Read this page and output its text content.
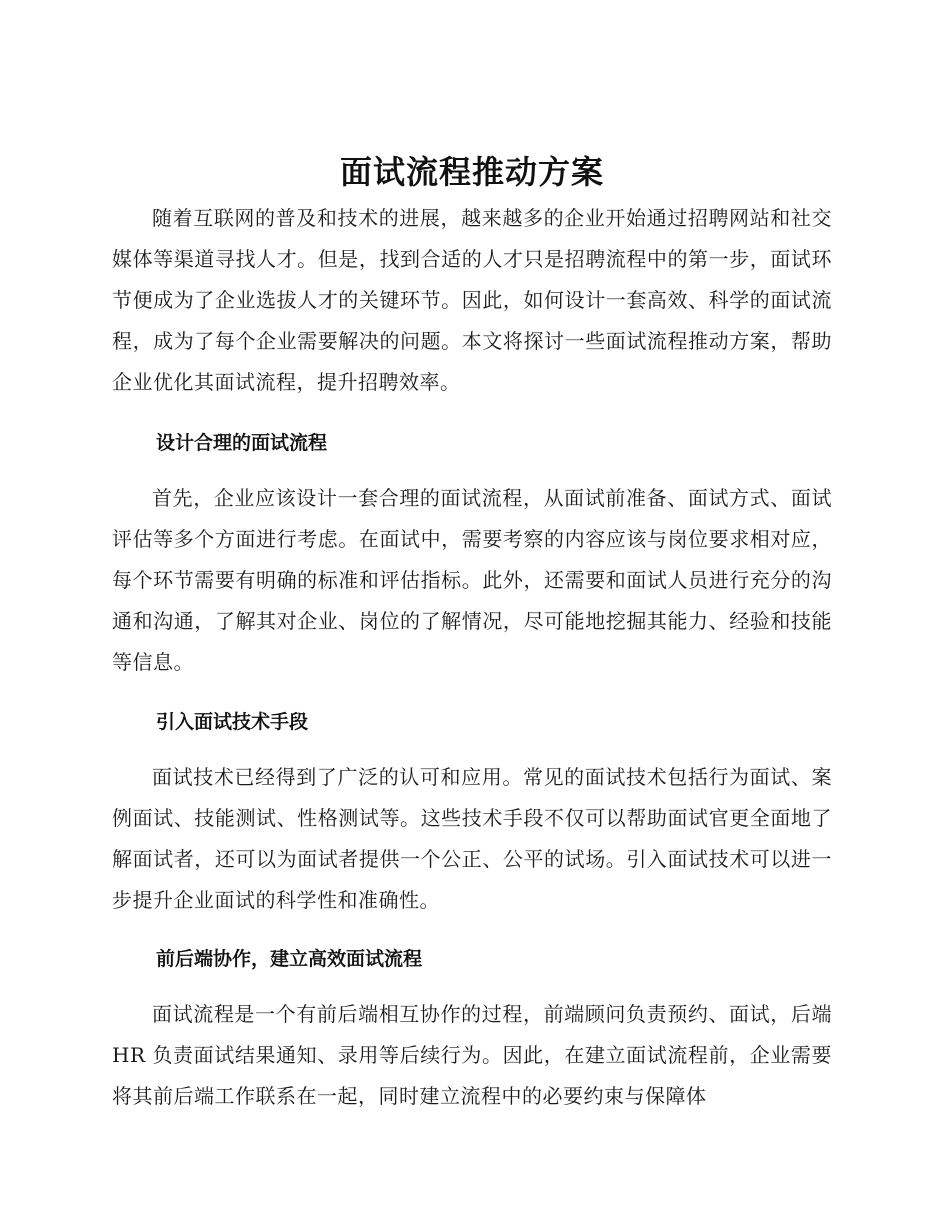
面试流程推动方案

随着互联网的普及和技术的进展，越来越多的企业开始通过招聘网站和社交媒体等渠道寻找人才。但是，找到合适的人才只是招聘流程中的第一步，面试环节便成为了企业选拔人才的关键环节。因此，如何设计一套高效、科学的面试流程，成为了每个企业需要解决的问题。本文将探讨一些面试流程推动方案，帮助企业优化其面试流程，提升招聘效率。

设计合理的面试流程

首先，企业应该设计一套合理的面试流程，从面试前准备、面试方式、面试评估等多个方面进行考虑。在面试中，需要考察的内容应该与岗位要求相对应，每个环节需要有明确的标准和评估指标。此外，还需要和面试人员进行充分的沟通和沟通，了解其对企业、岗位的了解情况，尽可能地挖掘其能力、经验和技能等信息。

引入面试技术手段

面试技术已经得到了广泛的认可和应用。常见的面试技术包括行为面试、案例面试、技能测试、性格测试等。这些技术手段不仅可以帮助面试官更全面地了解面试者，还可以为面试者提供一个公正、公平的试场。引入面试技术可以进一步提升企业面试的科学性和准确性。

前后端协作，建立高效面试流程

面试流程是一个有前后端相互协作的过程，前端顾问负责预约、面试，后端 HR 负责面试结果通知、录用等后续行为。因此，在建立面试流程前，企业需要将其前后端工作联系在一起，同时建立流程中的必要约束与保障体
